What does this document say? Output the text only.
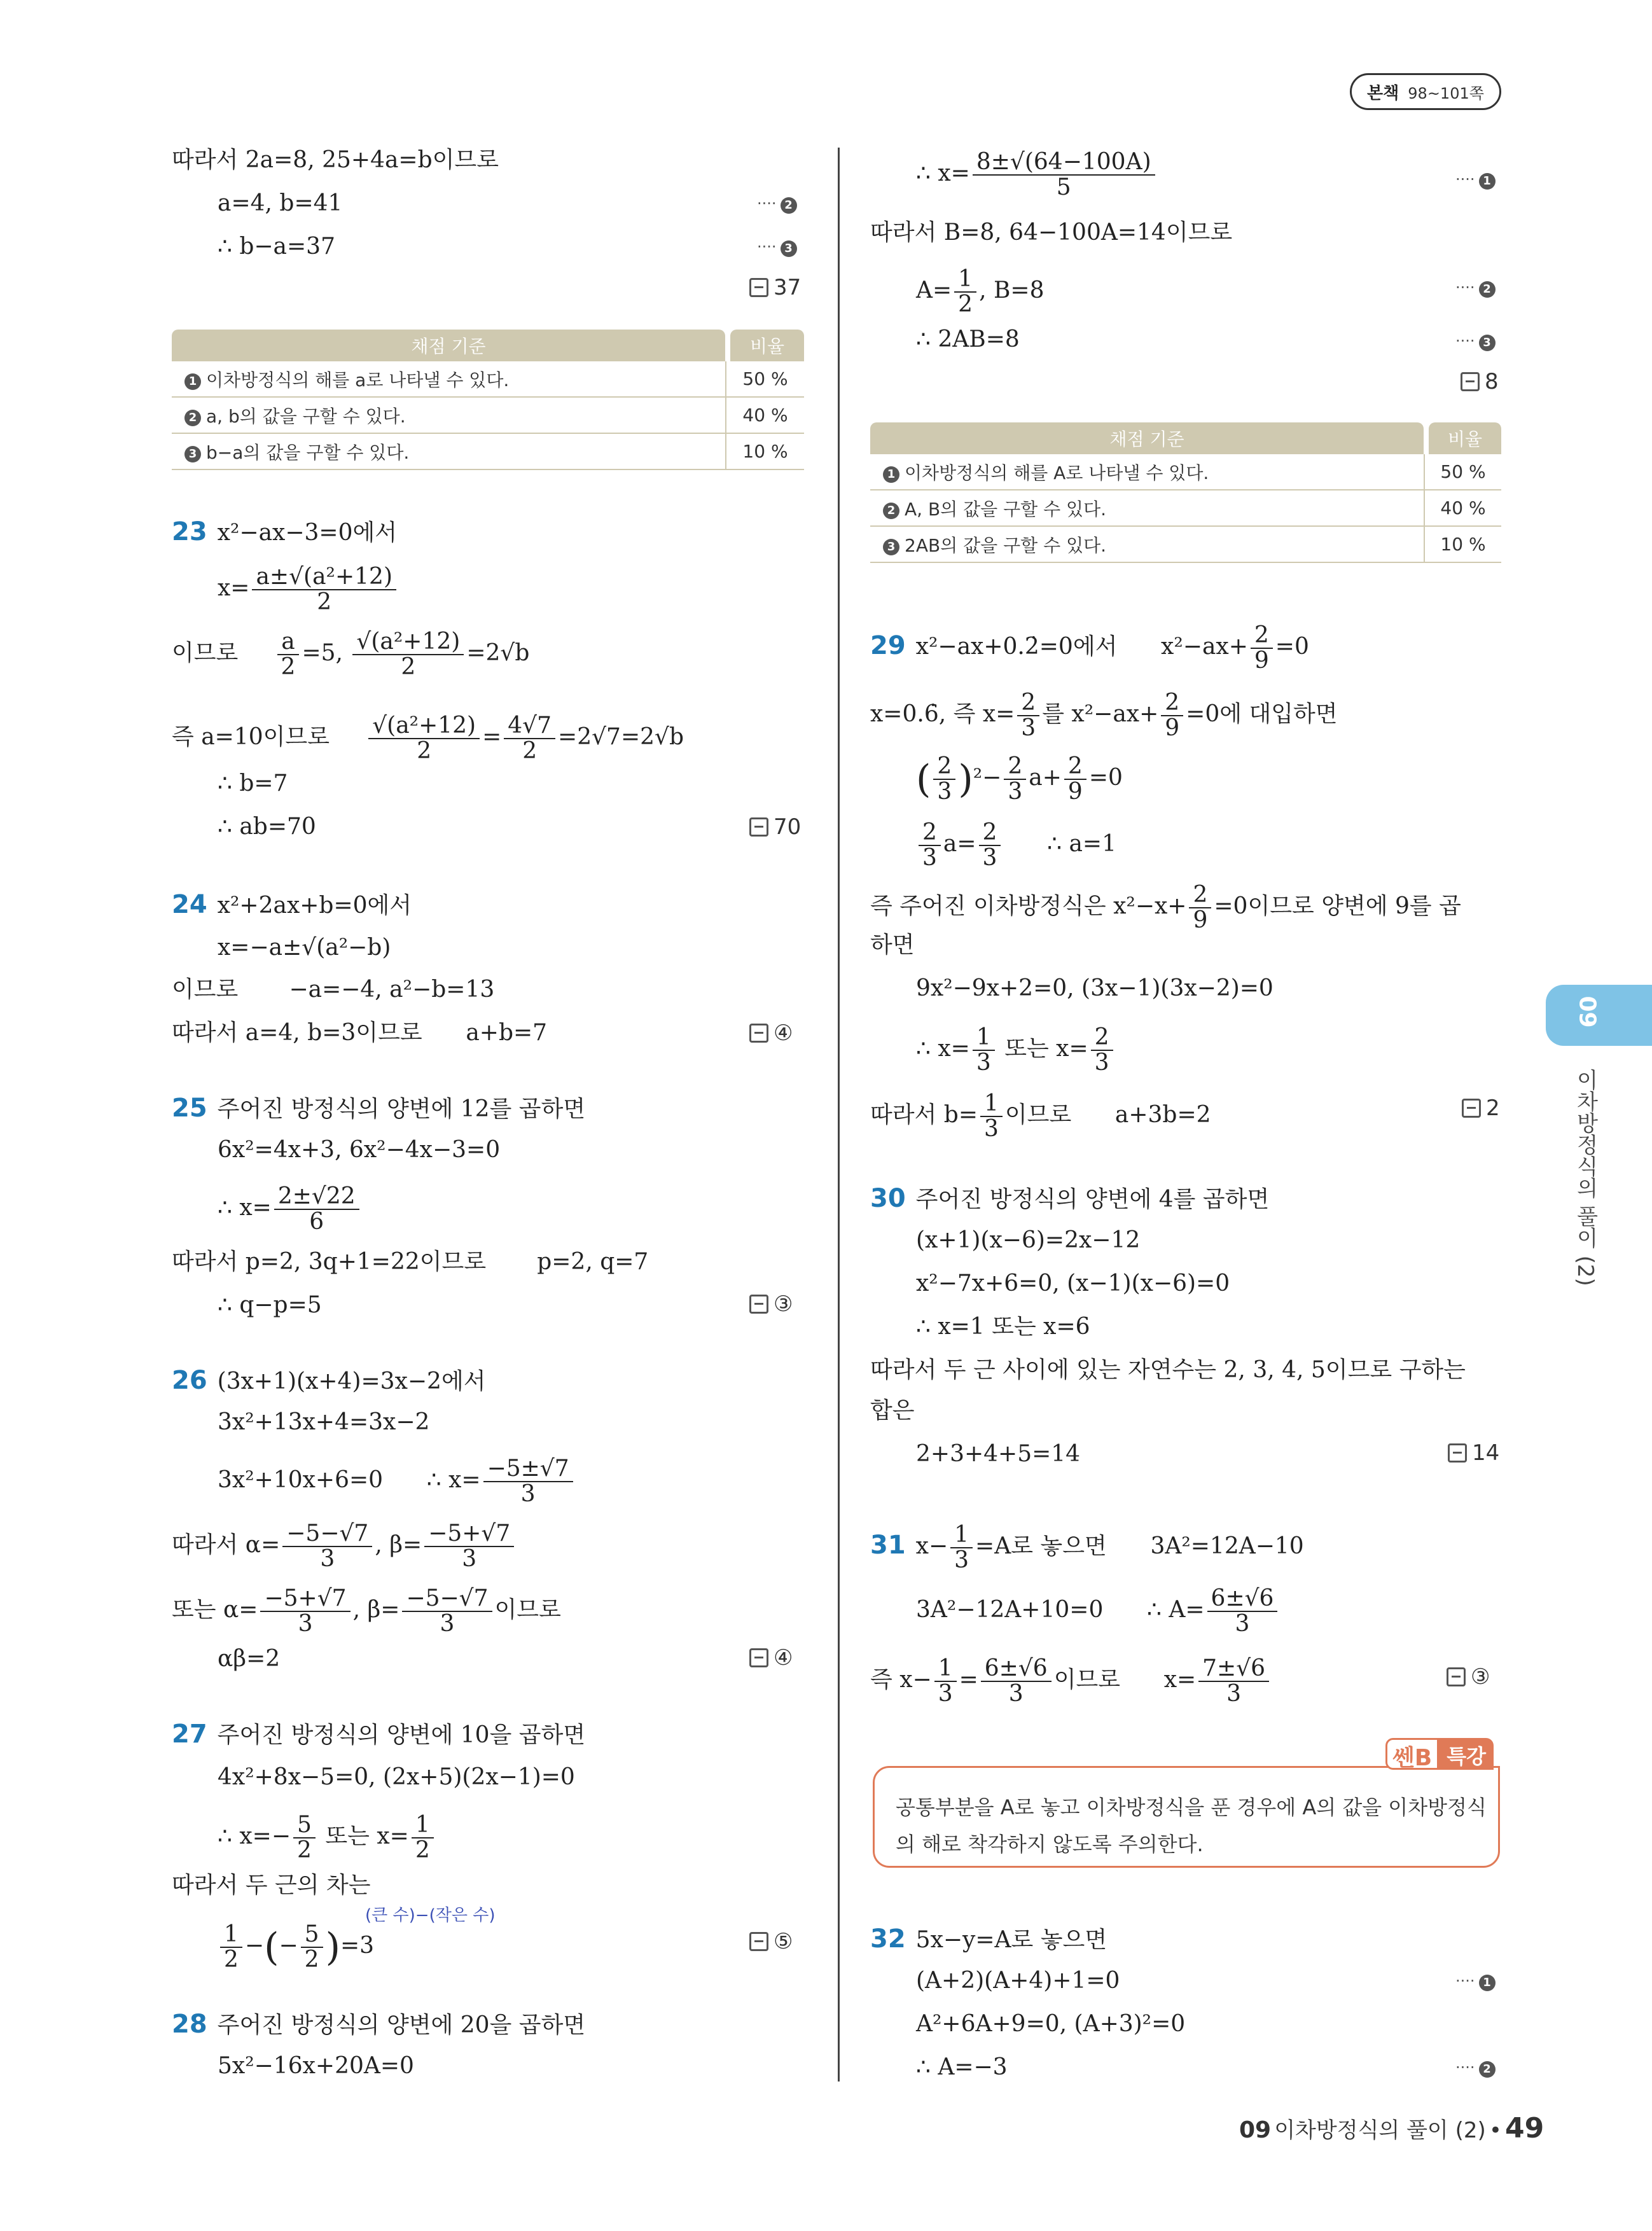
본책 98~101쪽
따라서 2a=8, 25+4a=b이므로
a=4, b=41	···· 2
∴ b−a=37	···· 3
37
채점 기준	비율
1 이차방정식의 해를 a로 나타낼 수 있다.	50 %
2 a, b의 값을 구할 수 있다.	40 %
3 b−a의 값을 구할 수 있다.	10 %
23 x²−ax−3=0에서
$x= \frac{\text{a±√(a²+12)}}{2}$
이므로 $\frac{a}{2} =5$, $\frac{\text{√(a²+12)}}{2} =2√b$
즉 a=10이므로 $\frac{\text{√(a²+12)}}{2} = \frac{4√7}{2} =2√7=2√b$
∴ b=7
∴ ab=70	70
24 x²+2ax+b=0에서
x=−a±√(a²−b)
이므로 −a=−4, a²−b=13
따라서 a=4, b=3이므로 a+b=7	④
25 주어진 방정식의 양변에 12를 곱하면
6x²=4x+3, 6x²−4x−3=0
∴ $x= \frac{2\pm√22}{6}$
따라서 p=2, 3q+1=22이므로 p=2, q=7
∴ q−p=5	③
26 (3x+1)(x+4)=3x−2에서
3x²+13x+4=3x−2
3x²+10x+6=0 ∴ $x= \frac{-5\pm√7}{3}$
따라서 $\alpha= \frac{-5-√7}{3}$ , $\beta= \frac{-5+√7}{3}$
또는 $\alpha= \frac{-5+√7}{3}$ , $\beta= \frac{-5-√7}{3}$ 이므로
αβ=2	④
27 주어진 방정식의 양변에 10을 곱하면
4x²+8x−5=0, (2x+5)(2x−1)=0
∴ $x=- \frac{5}{2}$ 또는 $x= \frac{1}{2}$
따라서 두 근의 차는
(큰 수)−(작은 수)
$\frac{1}{2}$ −(− $\frac{5}{2} )=3$	⑤
28 주어진 방정식의 양변에 20을 곱하면
5x²−16x+20A=0
∴ $x= \frac{8\pm√(64-100A)}{5}$	···· 1
따라서 B=8, 64−100A=14이므로
$A= \frac{1}{2}$ , B=8	···· 2
∴ 2AB=8	···· 3
8
채점 기준	비율
1 이차방정식의 해를 A로 나타낼 수 있다.	50 %
2 A, B의 값을 구할 수 있다.	40 %
3 2AB의 값을 구할 수 있다.	10 %
29 x²−ax+0.2̇=0에서 $x^2-ax+ \frac{2}{9} =0$
x=0.6̇, 즉 $x= \frac{2}{3}$ 를 $x^2-ax+ \frac{2}{9} =0$에 대입하면
( $\frac{2}{3} )^2- \frac{2}{3} a+ \frac{2}{9} =0$
$\frac{2}{3} a= \frac{2}{3}$ ∴ a=1
즉 주어진 이차방정식은 $x^2-x+ \frac{2}{9} =0$이므로 양변에 9를 곱
하면
9x²−9x+2=0, (3x−1)(3x−2)=0
∴ $x= \frac{1}{3}$ 또는 $x= \frac{2}{3}$
따라서 $b= \frac{1}{3}$ 이므로 a+3b=2	2
30 주어진 방정식의 양변에 4를 곱하면
(x+1)(x−6)=2x−12
x²−7x+6=0, (x−1)(x−6)=0
∴ x=1 또는 x=6
따라서 두 근 사이에 있는 자연수는 2, 3, 4, 5이므로 구하는
합은
2+3+4+5=14	14
31 $x- \frac{1}{3} =A$로 놓으면 3A²=12A−10
3A²−12A+10=0 ∴ $A= \frac{6\pm√6}{3}$
즉 $x- \frac{1}{3} = \frac{6\pm√6}{3}$ 이므로 $x= \frac{7\pm√6}{3}$	③
32 5x−y=A로 놓으면
(A+2)(A+4)+1=0	···· 1
A²+6A+9=0, (A+3)²=0
∴ A=−3	···· 2
쎈B 특강
공통부분을 A로 놓고 이차방정식을 푼 경우에 A의 값을 이차방정식의 해로 착각하지 않도록 주의한다.
09
이차방정식의 풀이 (2)
09 이차방정식의 풀이 (2) • 49
